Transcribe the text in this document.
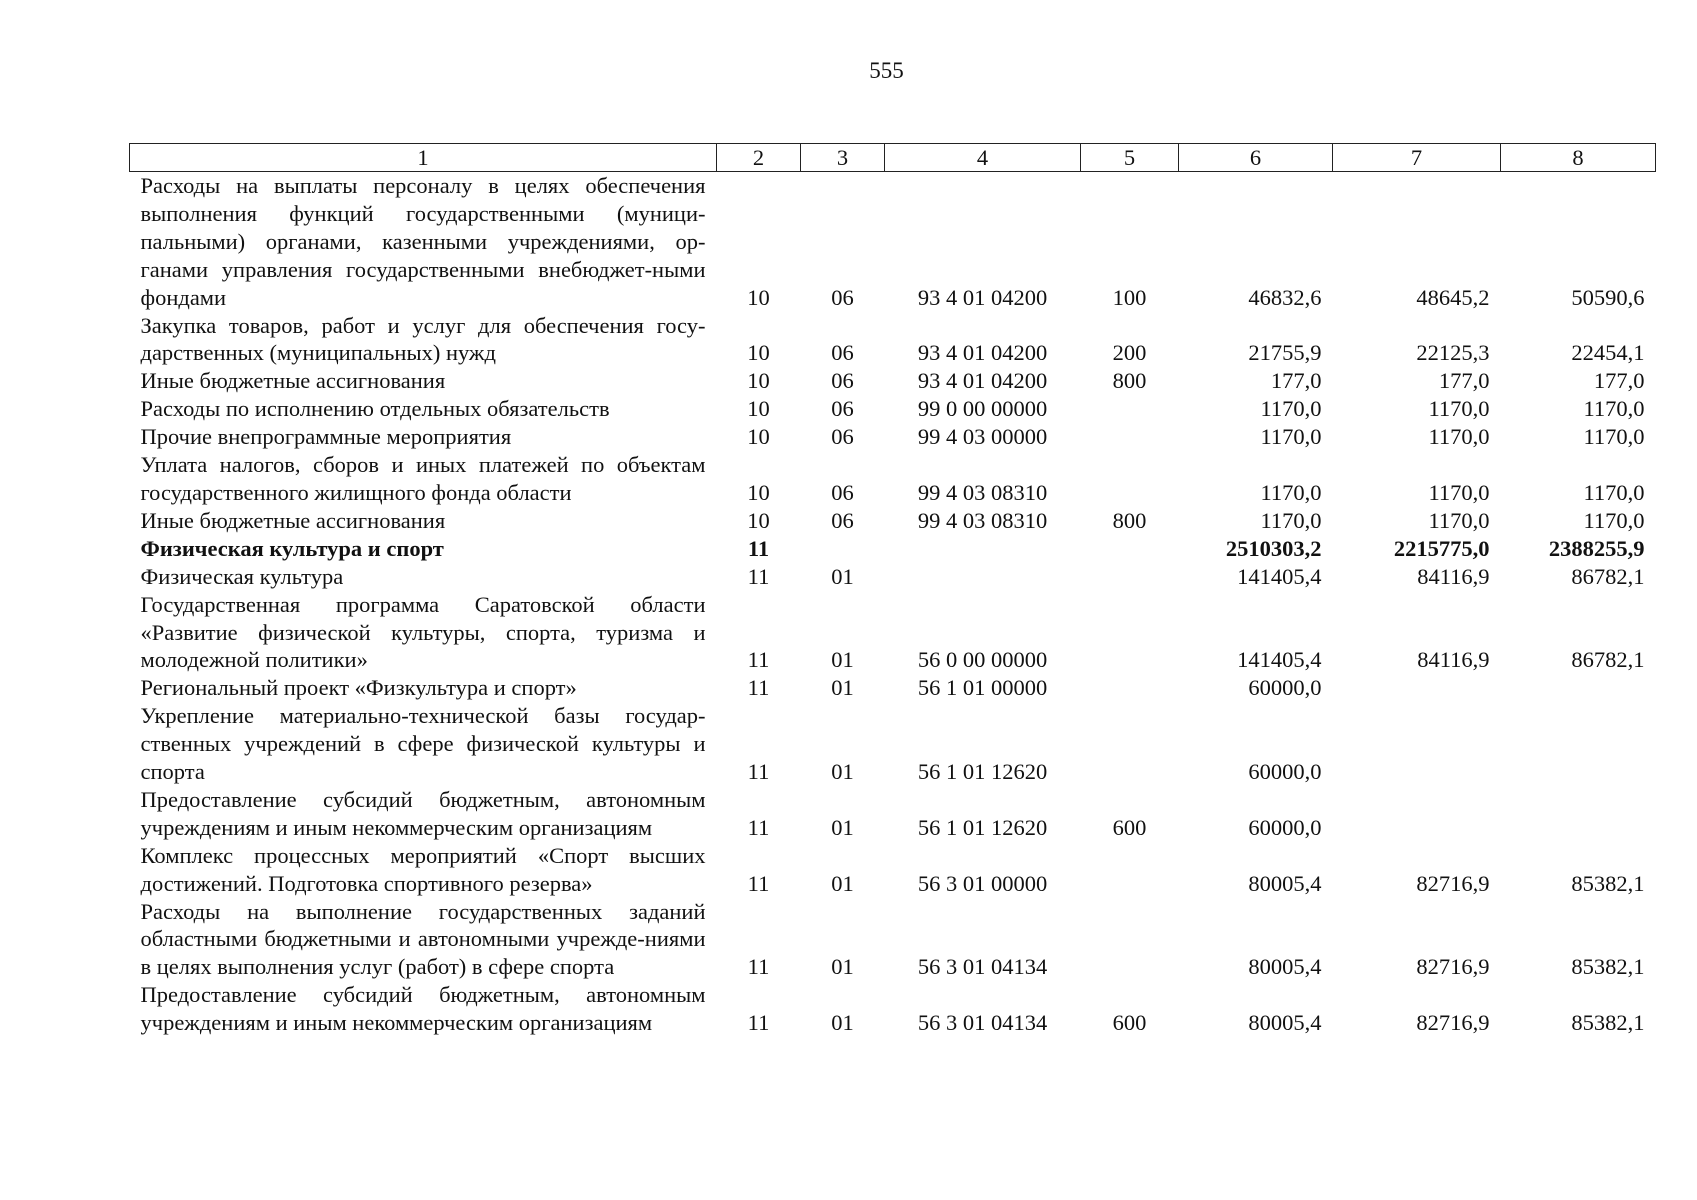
555
1	2	3	4	5	6	7	8
Расходы на выплаты персоналу в целях обеспечения выполнения функций государственными (муници-пальными) органами, казенными учреждениями, ор-ганами управления государственными внебюджет-ными фондами	10	06	93 4 01 04200	100	46832,6	48645,2	50590,6
Закупка товаров, работ и услуг для обеспечения госу-дарственных (муниципальных) нужд	10	06	93 4 01 04200	200	21755,9	22125,3	22454,1
Иные бюджетные ассигнования	10	06	93 4 01 04200	800	177,0	177,0	177,0
Расходы по исполнению отдельных обязательств	10	06	99 0 00 00000		1170,0	1170,0	1170,0
Прочие внепрограммные мероприятия	10	06	99 4 03 00000		1170,0	1170,0	1170,0
Уплата налогов, сборов и иных платежей по объектам государственного жилищного фонда области	10	06	99 4 03 08310		1170,0	1170,0	1170,0
Иные бюджетные ассигнования	10	06	99 4 03 08310	800	1170,0	1170,0	1170,0
Физическая культура и спорт	11				2510303,2	2215775,0	2388255,9
Физическая культура	11	01			141405,4	84116,9	86782,1
Государственная программа Саратовской области «Развитие физической культуры, спорта, туризма и молодежной политики»	11	01	56 0 00 00000		141405,4	84116,9	86782,1
Региональный проект «Физкультура и спорт»	11	01	56 1 01 00000		60000,0		
Укрепление материально-технической базы государ-ственных учреждений в сфере физической культуры и спорта	11	01	56 1 01 12620		60000,0		
Предоставление субсидий бюджетным, автономным учреждениям и иным некоммерческим организациям	11	01	56 1 01 12620	600	60000,0		
Комплекс процессных мероприятий «Спорт высших достижений. Подготовка спортивного резерва»	11	01	56 3 01 00000		80005,4	82716,9	85382,1
Расходы на выполнение государственных заданий областными бюджетными и автономными учрежде-ниями в целях выполнения услуг (работ) в сфере спорта	11	01	56 3 01 04134		80005,4	82716,9	85382,1
Предоставление субсидий бюджетным, автономным учреждениям и иным некоммерческим организациям	11	01	56 3 01 04134	600	80005,4	82716,9	85382,1
